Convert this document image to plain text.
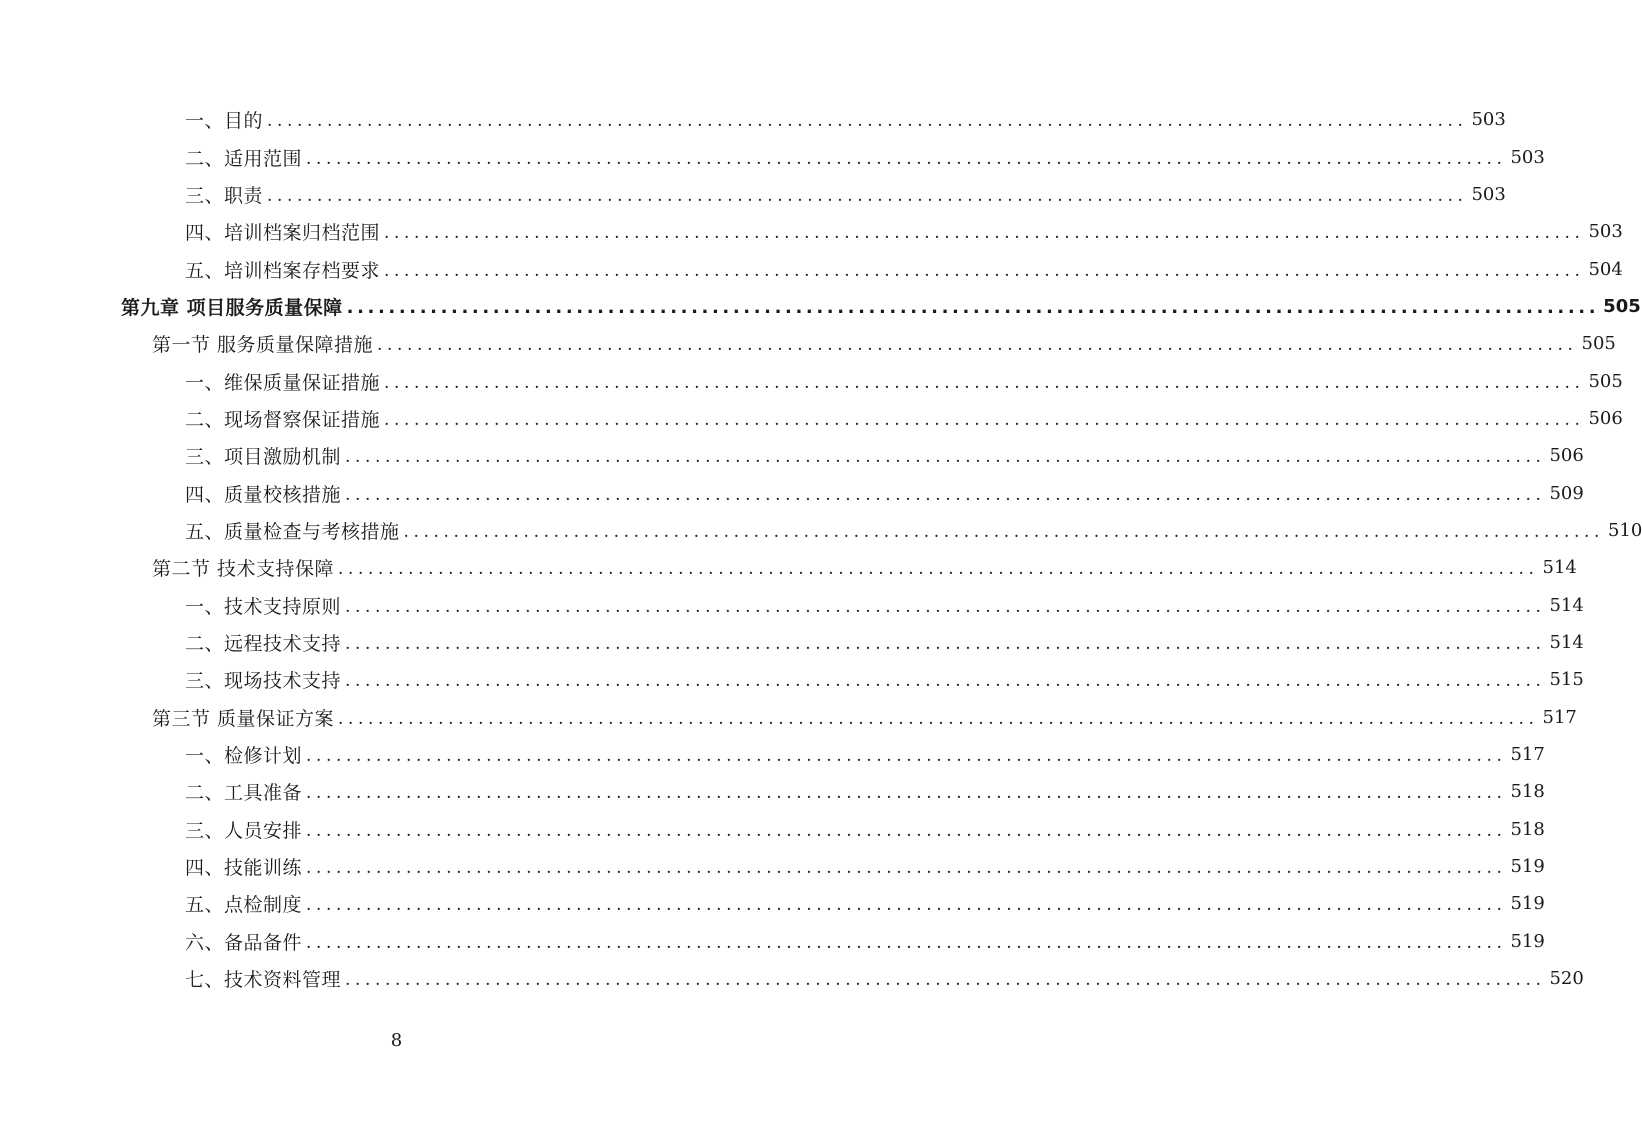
一、目的 ........................................................................................................................ 503
二、适用范围 ........................................................................................................................ 503
三、职责 ........................................................................................................................ 503
四、培训档案归档范围 ........................................................................................................................ 503
五、培训档案存档要求 ........................................................................................................................ 504
第九章 项目服务质量保障 ........................................................................................................................ 505
第一节 服务质量保障措施 ........................................................................................................................ 505
一、维保质量保证措施 ........................................................................................................................ 505
二、现场督察保证措施 ........................................................................................................................ 506
三、项目激励机制 ........................................................................................................................ 506
四、质量校核措施 ........................................................................................................................ 509
五、质量检查与考核措施 ........................................................................................................................ 510
第二节 技术支持保障 ........................................................................................................................ 514
一、技术支持原则 ........................................................................................................................ 514
二、远程技术支持 ........................................................................................................................ 514
三、现场技术支持 ........................................................................................................................ 515
第三节 质量保证方案 ........................................................................................................................ 517
一、检修计划 ........................................................................................................................ 517
二、工具准备 ........................................................................................................................ 518
三、人员安排 ........................................................................................................................ 518
四、技能训练 ........................................................................................................................ 519
五、点检制度 ........................................................................................................................ 519
六、备品备件 ........................................................................................................................ 519
七、技术资料管理 ........................................................................................................................ 520
8
